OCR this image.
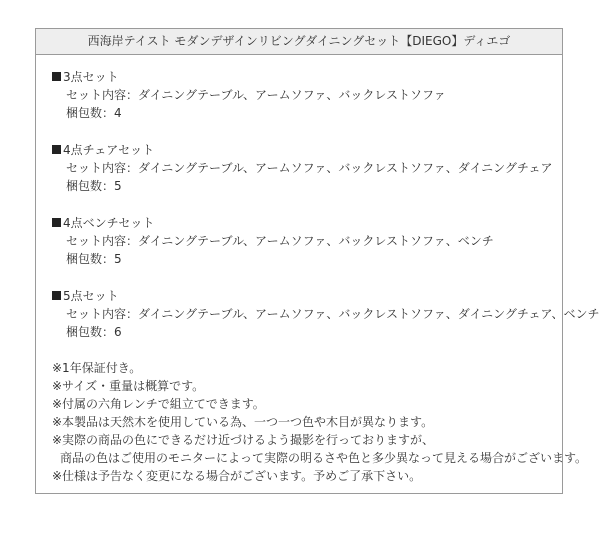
西海岸テイスト モダンデザインリビングダイニングセット【DIEGO】ディエゴ
3点セット
セット内容：ダイニングテーブル、アームソファ、バックレストソファ
梱包数：4
4点チェアセット
セット内容：ダイニングテーブル、アームソファ、バックレストソファ、ダイニングチェア
梱包数：5
4点ベンチセット
セット内容：ダイニングテーブル、アームソファ、バックレストソファ、ベンチ
梱包数：5
5点セット
セット内容：ダイニングテーブル、アームソファ、バックレストソファ、ダイニングチェア、ベンチ
梱包数：6
※1年保証付き。
※サイズ・重量は概算です。
※付属の六角レンチで組立てできます。
※本製品は天然木を使用している為、一つ一つ色や木目が異なります。
※実際の商品の色にできるだけ近づけるよう撮影を行っておりますが、
商品の色はご使用のモニターによって実際の明るさや色と多少異なって見える場合がございます。
※仕様は予告なく変更になる場合がございます。予めご了承下さい。
